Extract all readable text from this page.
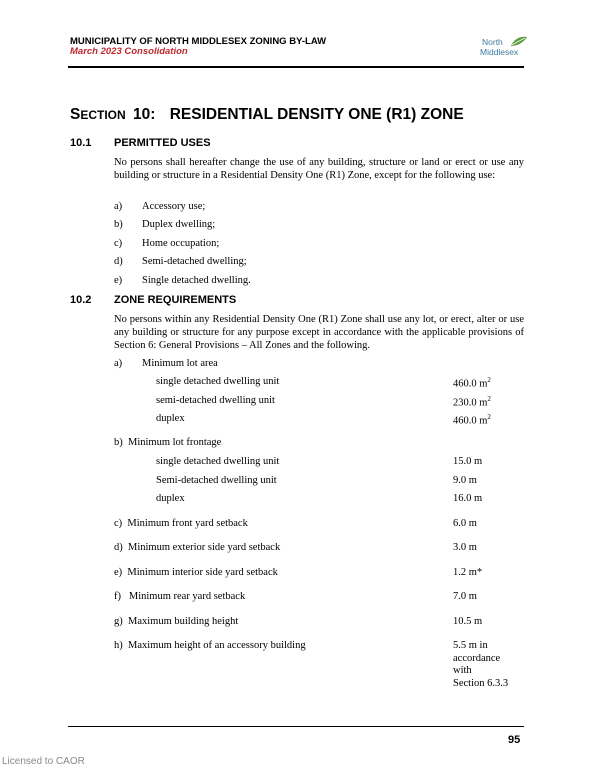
MUNICIPALITY OF NORTH MIDDLESEX ZONING BY-LAW
March 2023 Consolidation
North
Middlesex
SECTION 10: RESIDENTIAL DENSITY ONE (R1) ZONE
10.1 PERMITTED USES
No persons shall hereafter change the use of any building, structure or land or erect or use any building or structure in a Residential Density One (R1) Zone, except for the following use:
a) Accessory use;
b) Duplex dwelling;
c) Home occupation;
d) Semi-detached dwelling;
e) Single detached dwelling.
10.2 ZONE REQUIREMENTS
No persons within any Residential Density One (R1) Zone shall use any lot, or erect, alter or use any building or structure for any purpose except in accordance with the applicable provisions of Section 6: General Provisions – All Zones and the following.
a) Minimum lot area
single detached dwelling unit	460.0 $m^2$
semi-detached dwelling unit	230.0 $m^2$
duplex	460.0 $m^2$
b)  Minimum lot frontage
single detached dwelling unit	15.0 m
Semi-detached dwelling unit	9.0 m
duplex	16.0 m
c)  Minimum front yard setback	6.0 m
d)  Minimum exterior side yard setback	3.0 m
e)  Minimum interior side yard setback	1.2 m*
f)   Minimum rear yard setback	7.0 m
g)  Maximum building height	10.5 m
h)  Maximum height of an accessory building	5.5 m in
accordance
with
Section 6.3.3
95
Licensed to CAOR
